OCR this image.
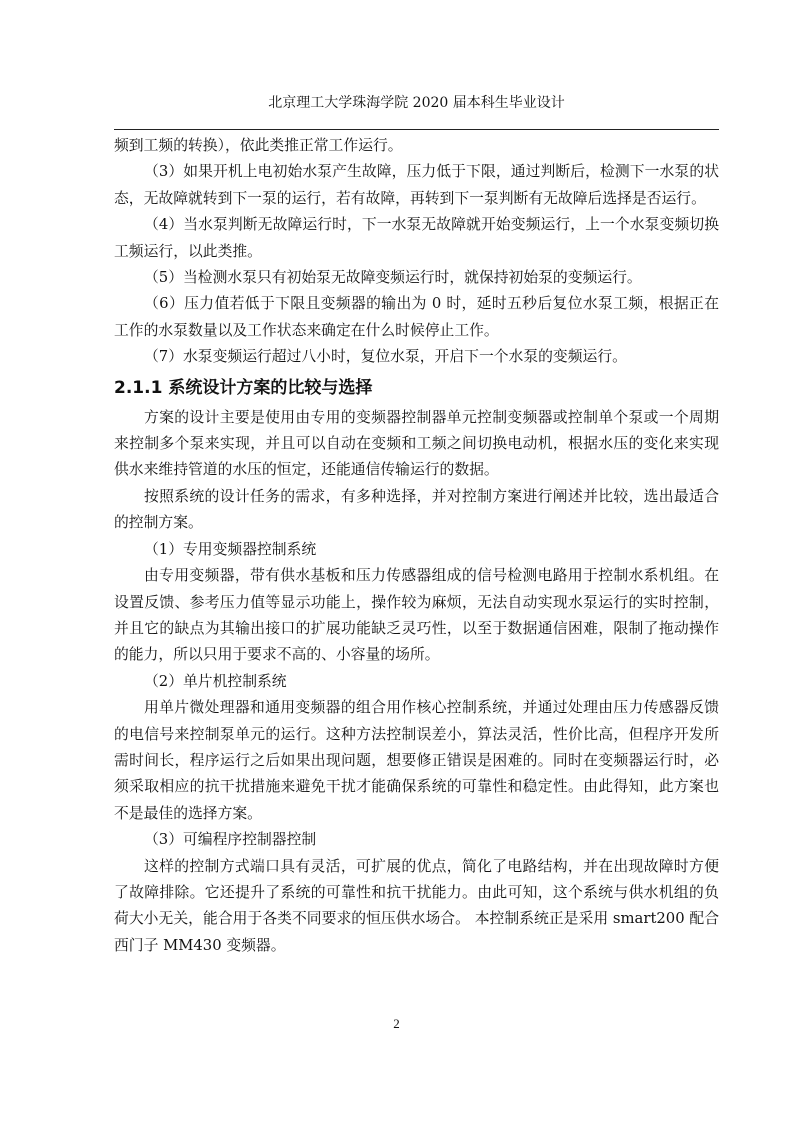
北京理工大学珠海学院 2020 届本科生毕业设计

频到工频的转换），依此类推正常工作运行。

（3）如果开机上电初始水泵产生故障，压力低于下限，通过判断后，检测下一水泵的状态，无故障就转到下一泵的运行，若有故障，再转到下一泵判断有无故障后选择是否运行。

（4）当水泵判断无故障运行时，下一水泵无故障就开始变频运行，上一个水泵变频切换工频运行，以此类推。

（5）当检测水泵只有初始泵无故障变频运行时，就保持初始泵的变频运行。

（6）压力值若低于下限且变频器的输出为 0 时，延时五秒后复位水泵工频，根据正在工作的水泵数量以及工作状态来确定在什么时候停止工作。

（7）水泵变频运行超过八小时，复位水泵，开启下一个水泵的变频运行。

2.1.1 系统设计方案的比较与选择

方案的设计主要是使用由专用的变频器控制器单元控制变频器或控制单个泵或一个周期来控制多个泵来实现，并且可以自动在变频和工频之间切换电动机，根据水压的变化来实现供水来维持管道的水压的恒定，还能通信传输运行的数据。

按照系统的设计任务的需求，有多种选择，并对控制方案进行阐述并比较，选出最适合的控制方案。

（1）专用变频器控制系统

由专用变频器，带有供水基板和压力传感器组成的信号检测电路用于控制水系机组。在设置反馈、参考压力值等显示功能上，操作较为麻烦，无法自动实现水泵运行的实时控制，并且它的缺点为其输出接口的扩展功能缺乏灵巧性，以至于数据通信困难，限制了拖动操作的能力，所以只用于要求不高的、小容量的场所。

（2）单片机控制系统

用单片微处理器和通用变频器的组合用作核心控制系统，并通过处理由压力传感器反馈的电信号来控制泵单元的运行。这种方法控制误差小，算法灵活，性价比高，但程序开发所需时间长，程序运行之后如果出现问题，想要修正错误是困难的。同时在变频器运行时，必须采取相应的抗干扰措施来避免干扰才能确保系统的可靠性和稳定性。由此得知，此方案也不是最佳的选择方案。

（3）可编程序控制器控制

这样的控制方式端口具有灵活，可扩展的优点，简化了电路结构，并在出现故障时方便了故障排除。它还提升了系统的可靠性和抗干扰能力。由此可知，这个系统与供水机组的负荷大小无关，能合用于各类不同要求的恒压供水场合。 本控制系统正是采用 smart200 配合西门子 MM430 变频器。

2
